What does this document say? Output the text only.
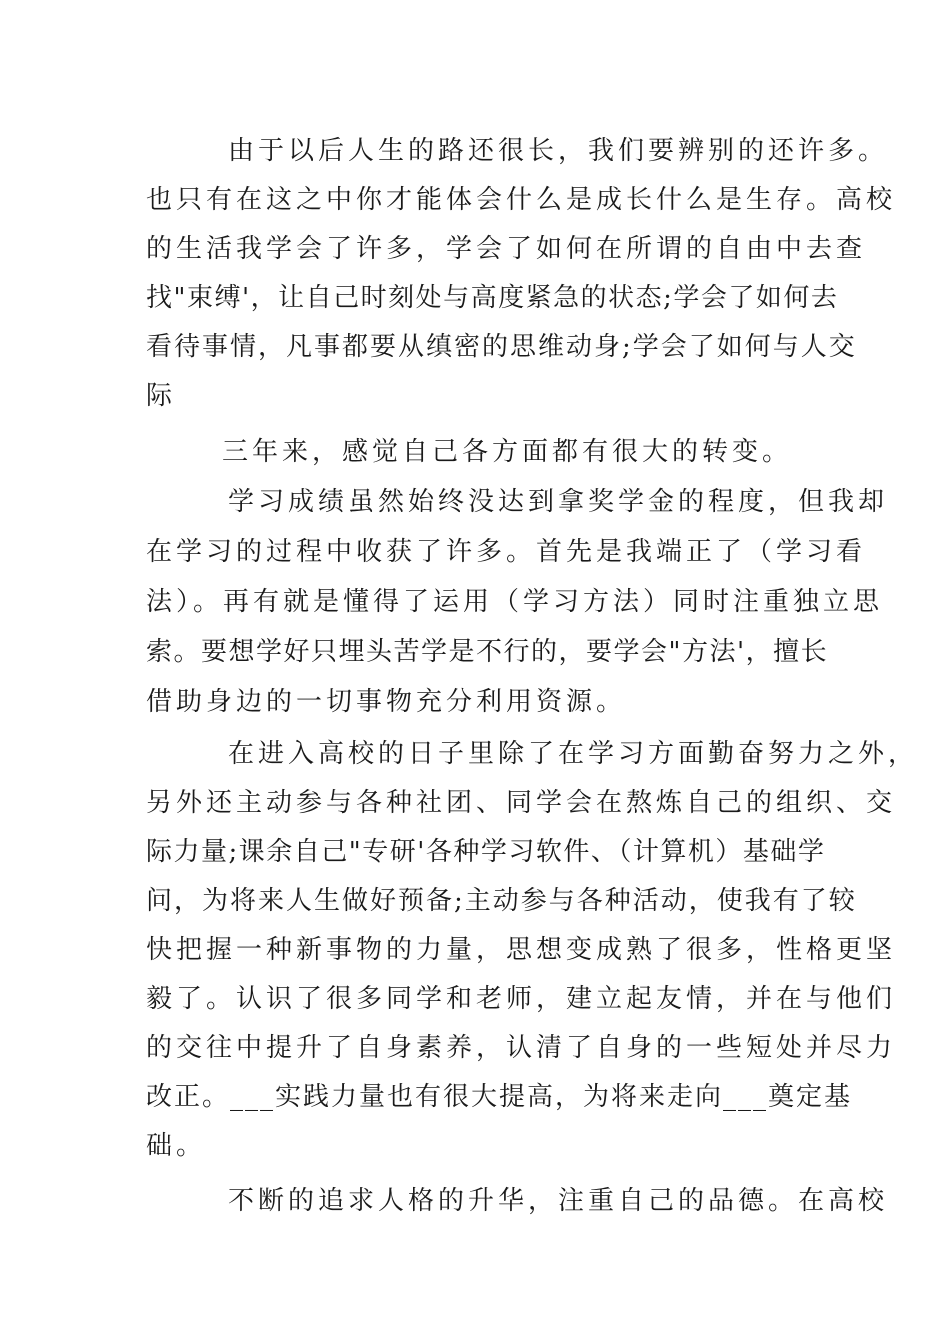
由于以后人生的路还很长，我们要辨别的还许多。
也只有在这之中你才能体会什么是成长什么是生存。高校
的生活我学会了许多，学会了如何在所谓的自由中去查
找"束缚'，让自己时刻处与高度紧急的状态;学会了如何去
看待事情，凡事都要从缜密的思维动身;学会了如何与人交
际
三年来，感觉自己各方面都有很大的转变。
学习成绩虽然始终没达到拿奖学金的程度，但我却
在学习的过程中收获了许多。首先是我端正了（学习看
法）。再有就是懂得了运用（学习方法）同时注重独立思
索。要想学好只埋头苦学是不行的，要学会"方法'，擅长
借助身边的一切事物充分利用资源。
在进入高校的日子里除了在学习方面勤奋努力之外，
另外还主动参与各种社团、同学会在熬炼自己的组织、交
际力量;课余自己"专研'各种学习软件、（计算机）基础学
问，为将来人生做好预备;主动参与各种活动，使我有了较
快把握一种新事物的力量，思想变成熟了很多，性格更坚
毅了。认识了很多同学和老师，建立起友情，并在与他们
的交往中提升了自身素养，认清了自身的一些短处并尽力
改正。___实践力量也有很大提高，为将来走向___奠定基
础。
不断的追求人格的升华，注重自己的品德。在高校
